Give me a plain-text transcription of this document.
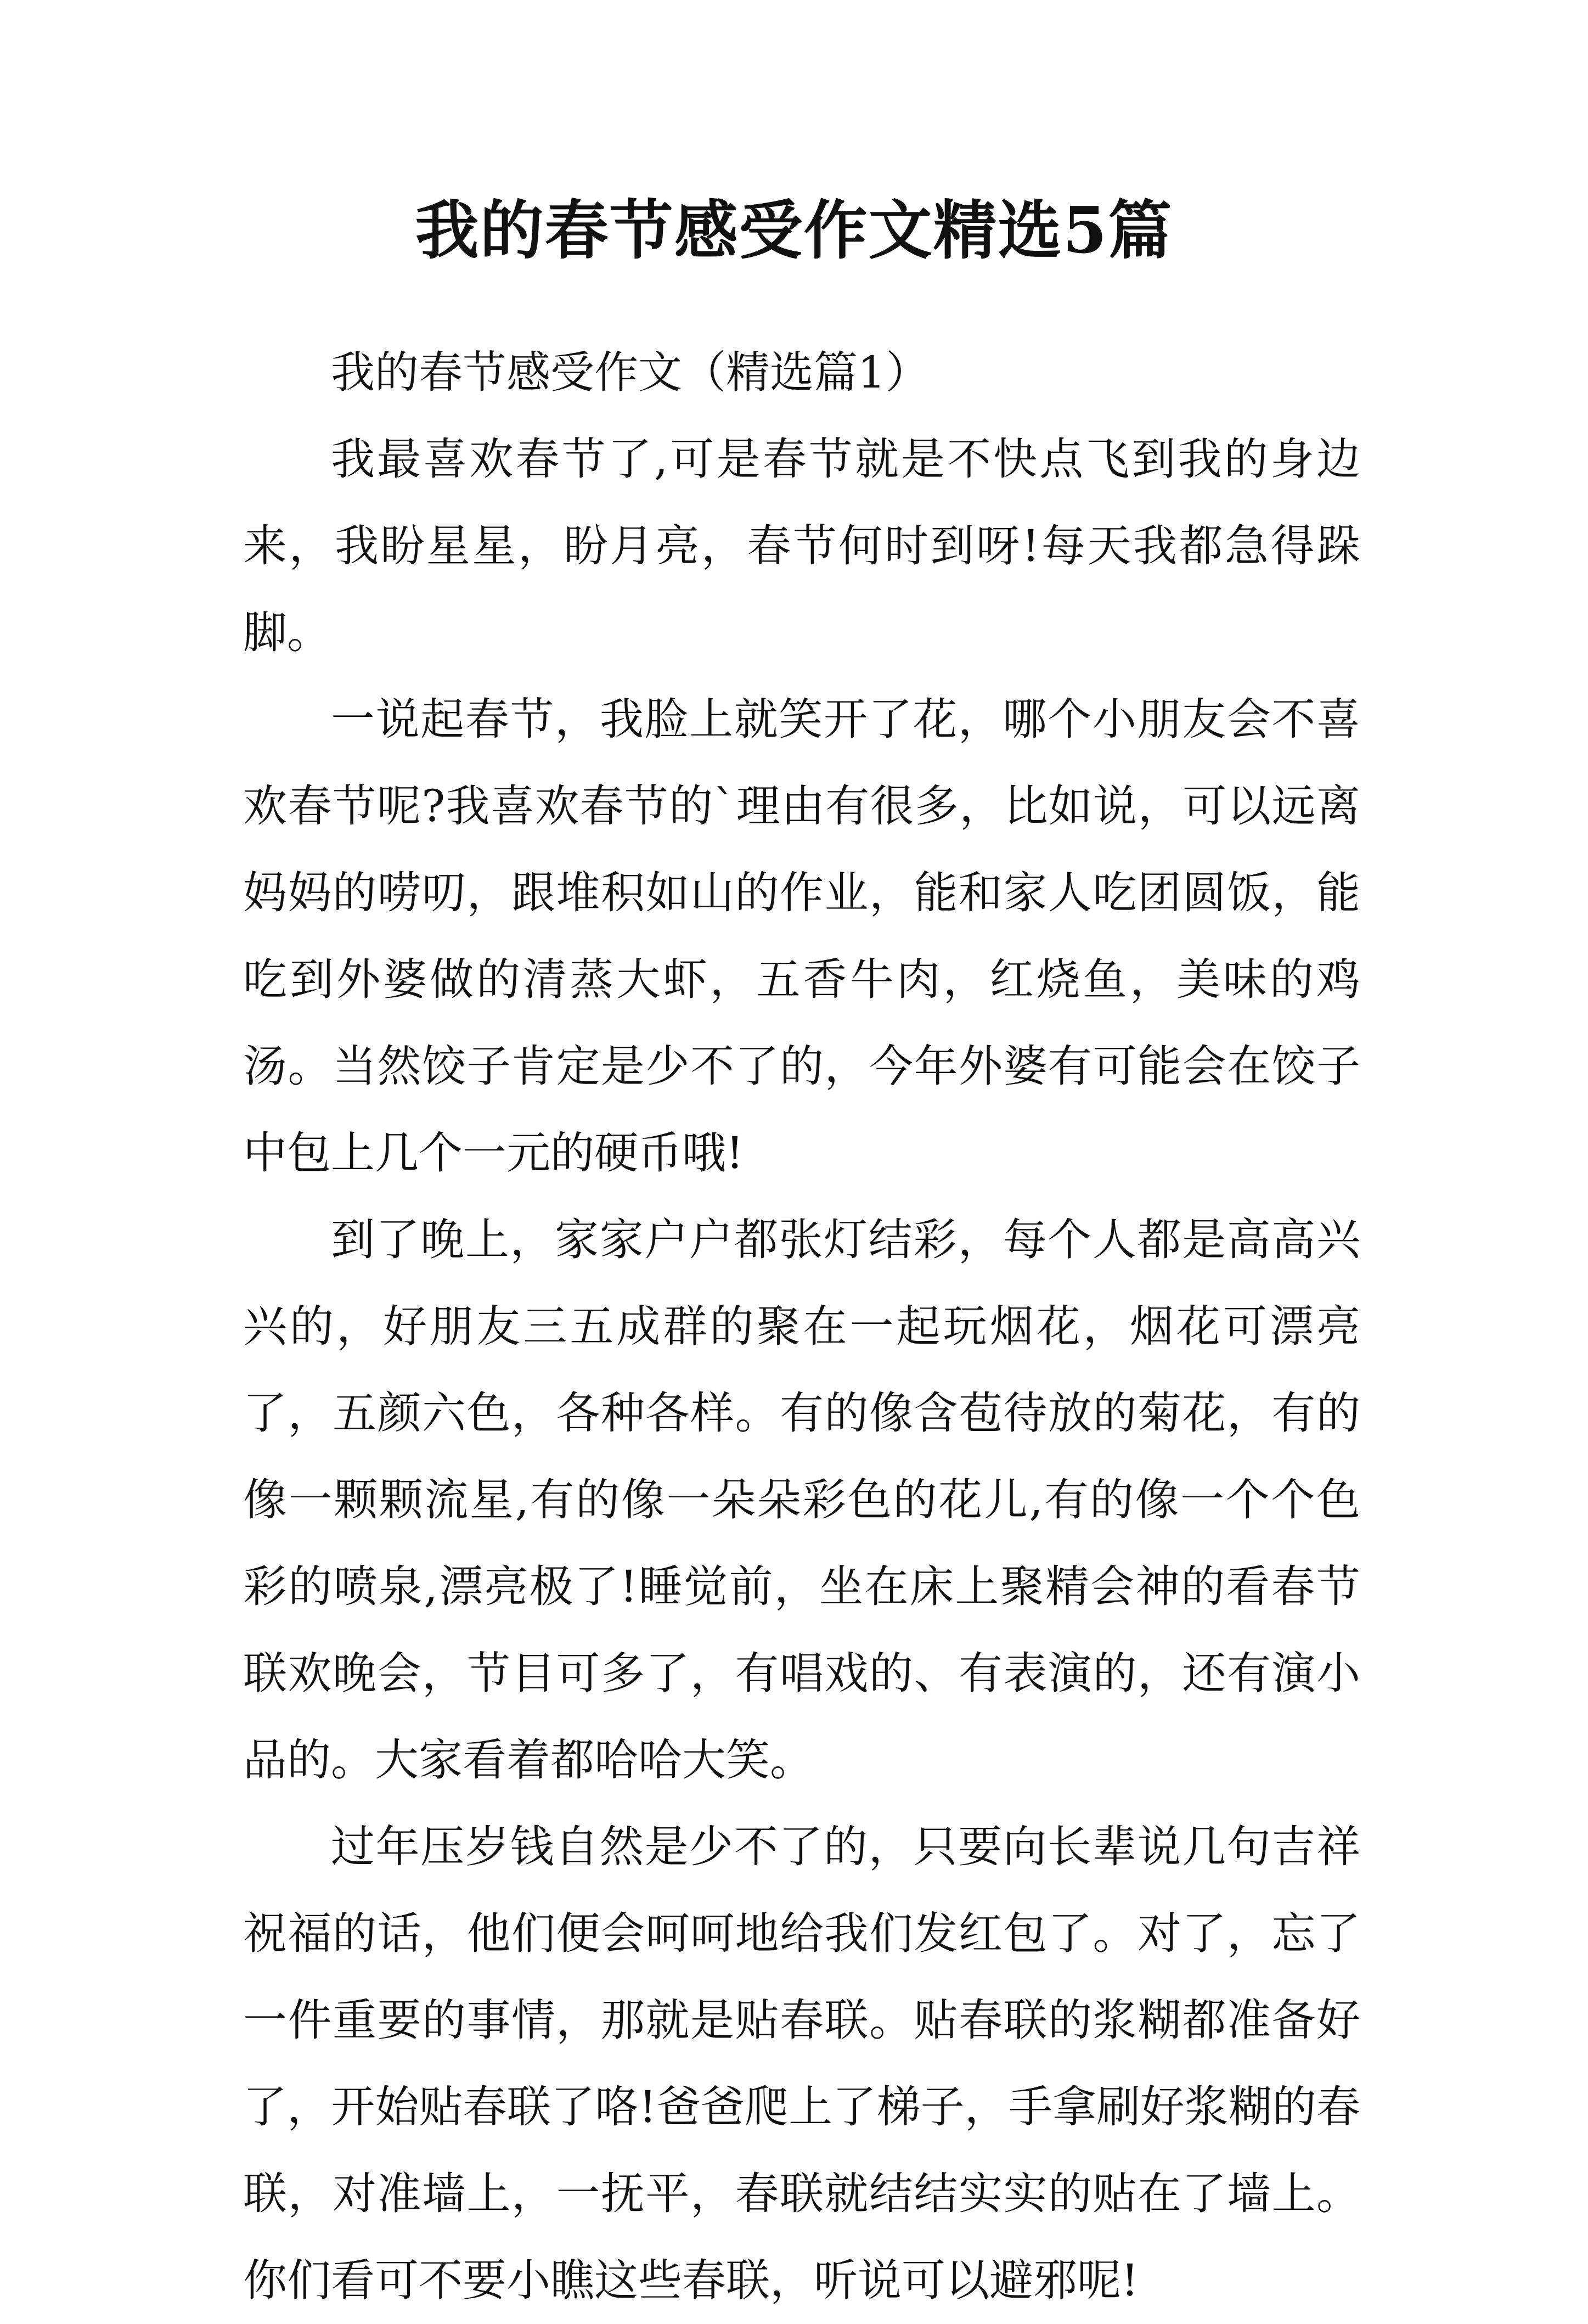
我的春节感受作文精选5篇

我的春节感受作文（精选篇1）

我最喜欢春节了,可是春节就是不快点飞到我的身边来，我盼星星，盼月亮，春节何时到呀!每天我都急得跺脚。

一说起春节，我脸上就笑开了花，哪个小朋友会不喜欢春节呢?我喜欢春节的`理由有很多，比如说，可以远离妈妈的唠叨，跟堆积如山的作业，能和家人吃团圆饭，能吃到外婆做的清蒸大虾，五香牛肉，红烧鱼，美味的鸡汤。当然饺子肯定是少不了的，今年外婆有可能会在饺子中包上几个一元的硬币哦!

到了晚上，家家户户都张灯结彩，每个人都是高高兴兴的，好朋友三五成群的聚在一起玩烟花，烟花可漂亮了，五颜六色，各种各样。有的像含苞待放的菊花，有的像一颗颗流星,有的像一朵朵彩色的花儿,有的像一个个色彩的喷泉,漂亮极了!睡觉前，坐在床上聚精会神的看春节联欢晚会，节目可多了，有唱戏的、有表演的，还有演小品的。大家看着都哈哈大笑。

过年压岁钱自然是少不了的，只要向长辈说几句吉祥祝福的话，他们便会呵呵地给我们发红包了。对了，忘了一件重要的事情，那就是贴春联。贴春联的浆糊都准备好了，开始贴春联了咯!爸爸爬上了梯子，手拿刷好浆糊的春联，对准墙上，一抚平，春联就结结实实的贴在了墙上。你们看可不要小瞧这些春联，听说可以避邪呢!
